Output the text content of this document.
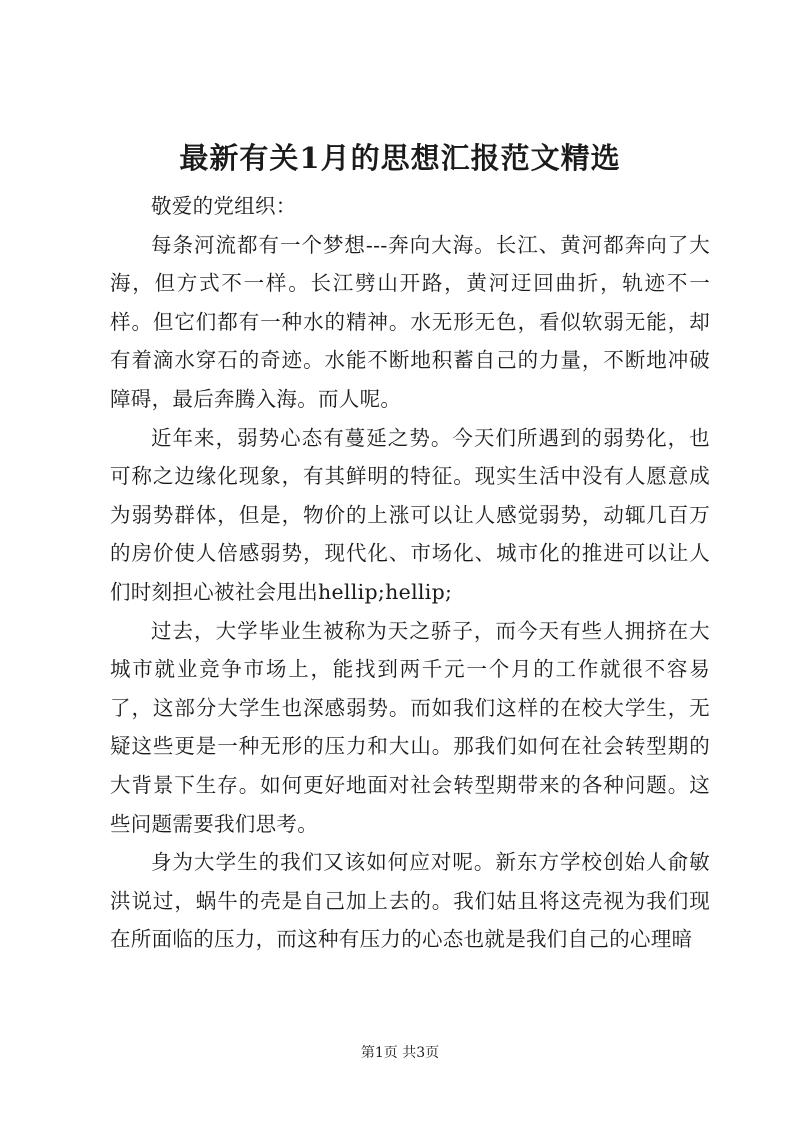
最新有关1月的思想汇报范文精选

敬爱的党组织：

每条河流都有一个梦想---奔向大海。长江、黄河都奔向了大海，但方式不一样。长江劈山开路，黄河迂回曲折，轨迹不一样。但它们都有一种水的精神。水无形无色，看似软弱无能，却有着滴水穿石的奇迹。水能不断地积蓄自己的力量，不断地冲破障碍，最后奔腾入海。而人呢。

近年来，弱势心态有蔓延之势。今天们所遇到的弱势化，也可称之边缘化现象，有其鲜明的特征。现实生活中没有人愿意成为弱势群体，但是，物价的上涨可以让人感觉弱势，动辄几百万的房价使人倍感弱势，现代化、市场化、城市化的推进可以让人们时刻担心被社会甩出hellip;hellip;

过去，大学毕业生被称为天之骄子，而今天有些人拥挤在大城市就业竞争市场上，能找到两千元一个月的工作就很不容易了，这部分大学生也深感弱势。而如我们这样的在校大学生，无疑这些更是一种无形的压力和大山。那我们如何在社会转型期的大背景下生存。如何更好地面对社会转型期带来的各种问题。这些问题需要我们思考。

身为大学生的我们又该如何应对呢。新东方学校创始人俞敏洪说过，蜗牛的壳是自己加上去的。我们姑且将这壳视为我们现在所面临的压力，而这种有压力的心态也就是我们自己的心理暗

第1页 共3页
